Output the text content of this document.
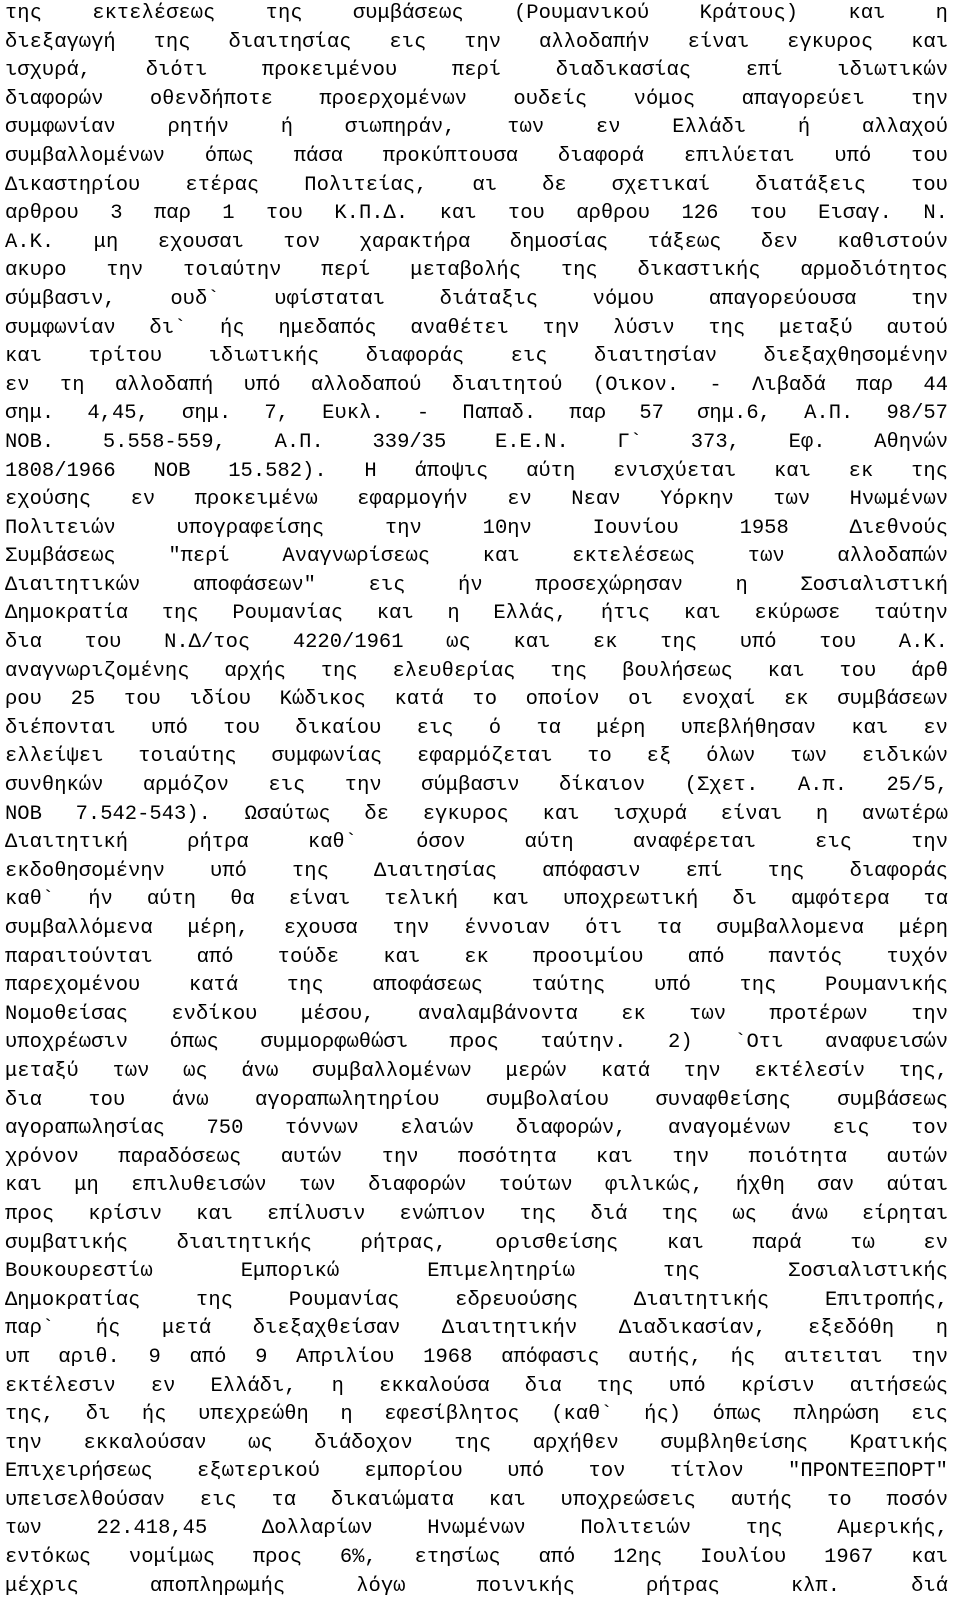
της εκτελέσεως της συμβάσεως (Ρουμανικού Κράτους) και η
διεξαγωγή της διαιτησίας εις την αλλοδαπήν είναι εγκυρος και
ισχυρά, διότι προκειμένου περί διαδικασίας επί ιδιωτικών
διαφορών οθενδήποτε προερχομένων ουδείς νόμος απαγορεύει την
συμφωνίαν ρητήν ή σιωπηράν, των εν Ελλάδι ή αλλαχού
συμβαλλομένων όπως πάσα προκύπτουσα διαφορά επιλύεται υπό του
Δικαστηρίου ετέρας Πολιτείας, αι δε σχετικαί διατάξεις του
αρθρου 3 παρ 1 του Κ.Π.Δ. και του αρθρου 126 του Εισαγ. Ν.
Α.Κ. μη εχουσαι τον χαρακτήρα δημοσίας τάξεως δεν καθιστούν
ακυρο την τοιαύτην περί μεταβολής της δικαστικής αρμοδιότητος
σύμβασιν, ουδ` υφίσταται διάταξις νόμου απαγορεύουσα την
συμφωνίαν δι` ής ημεδαπός αναθέτει την λύσιν της μεταξύ αυτού
και τρίτου ιδιωτικής διαφοράς εις διαιτησίαν διεξαχθησομένην
εν τη αλλοδαπή υπό αλλοδαπού διαιτητού (Οικον. - Λιβαδά παρ 44
σημ. 4,45, σημ. 7, Ευκλ. - Παπαδ. παρ 57 σημ.6, Α.Π. 98/57
ΝΟΒ. 5.558-559, Α.Π. 339/35 Ε.Ε.Ν. Γ` 373, Εφ. Αθηνών
1808/1966 ΝΟΒ 15.582). Η άποψις αύτη ενισχύεται και εκ της
εχούσης εν προκειμένω εφαρμογήν εν Νεαν Υόρκην των Ηνωμένων
Πολιτειών υπογραφείσης την 10ην Ιουνίου 1958 Διεθνούς
Συμβάσεως "περί Αναγνωρίσεως και εκτελέσεως των αλλοδαπών
Διαιτητικών αποφάσεων" εις ήν προσεχώρησαν η Σοσιαλιστική
Δημοκρατία της Ρουμανίας και η Ελλάς, ήτις και εκύρωσε ταύτην
δια του Ν.Δ/τος 4220/1961 ως και εκ της υπό του Α.Κ.
αναγνωριζομένης αρχής της ελευθερίας της βουλήσεως και του άρθ
ρου 25 του ιδίου Κώδικος κατά το οποίον οι ενοχαί εκ συμβάσεων
διέπονται υπό του δικαίου εις ό τα μέρη υπεβλήθησαν και εν
ελλείψει τοιαύτης συμφωνίας εφαρμόζεται το εξ όλων των ειδικών
συνθηκών αρμόζον εις την σύμβασιν δίκαιον (Σχετ. Α.π. 25/5,
ΝΟΒ 7.542-543). Ωσαύτως δε εγκυρος και ισχυρά είναι η ανωτέρω
Διαιτητική ρήτρα καθ` όσον αύτη αναφέρεται εις την
εκδοθησομένην υπό της Διαιτησίας απόφασιν επί της διαφοράς
καθ` ήν αύτη θα είναι τελική και υποχρεωτική δι αμφότερα τα
συμβαλλόμενα μέρη, εχουσα την έννοιαν ότι τα συμβαλλομενα μέρη
παραιτούνται από τούδε και εκ προοιμίου από παντός τυχόν
παρεχομένου κατά της αποφάσεως ταύτης υπό της Ρουμανικής
Νομοθείσας ενδίκου μέσου, αναλαμβάνοντα εκ των προτέρων την
υποχρέωσιν όπως συμμορφωθώσι προς ταύτην. 2) `Οτι αναφυεισών
μεταξύ των ως άνω συμβαλλομένων μερών κατά την εκτέλεσίν της,
δια του άνω αγοραπωλητηρίου συμβολαίου συναφθείσης συμβάσεως
αγοραπωλησίας 750 τόννων ελαιών διαφορών, αναγομένων εις τον
χρόνον παραδόσεως αυτών την ποσότητα και την ποιότητα αυτών
και μη επιλυθεισών των διαφορών τούτων φιλικώς, ήχθη σαν αύται
προς κρίσιν και επίλυσιν ενώπιον της διά της ως άνω είρηται
συμβατικής διαιτητικής ρήτρας, ορισθείσης και παρά τω εν
Βουκουρεστίω Εμπορικώ Επιμελητηρίω της Σοσιαλιστικής
Δημοκρατίας της Ρουμανίας εδρευούσης Διαιτητικής Επιτροπής,
παρ` ής μετά διεξαχθείσαν Διαιτητικήν Διαδικασίαν, εξεδόθη η
υπ αριθ. 9 από 9 Απριλίου 1968 απόφασις αυτής, ής αιτειται την
εκτέλεσιν εν Ελλάδι, η εκκαλούσα δια της υπό κρίσιν αιτήσεώς
της, δι ής υπεχρεώθη η εφεσίβλητος (καθ` ής) όπως πληρώση εις
την εκκαλούσαν ως διάδοχον της αρχήθεν συμβληθείσης Κρατικής
Επιχειρήσεως εξωτερικού εμπορίου υπό τον τίτλον "ΠΡΟΝΤΕΞΠΟΡΤ"
υπεισελθούσαν εις τα δικαιώματα και υποχρεώσεις αυτής το ποσόν
των 22.418,45 Δολλαρίων Ηνωμένων Πολιτειών της Αμερικής,
εντόκως νομίμως προς 6%, ετησίως από 12ης Ιουλίου 1967 και
μέχρις αποπληρωμής λόγω ποινικής ρήτρας κλπ. διά
